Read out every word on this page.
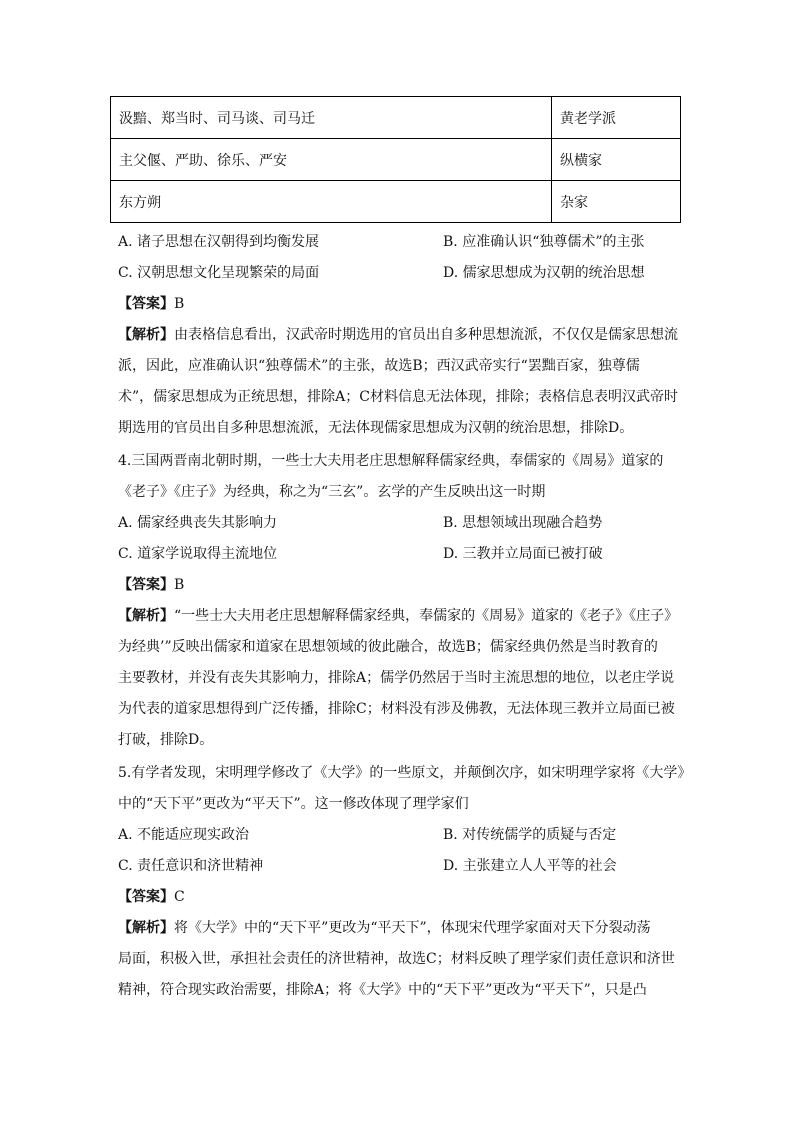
汲黯、郑当时、司马谈、司马迁	黄老学派
主父偃、严助、徐乐、严安	纵横家
东方朔	杂家
A. 诸子思想在汉朝得到均衡发展	B. 应准确认识“独尊儒术”的主张
C. 汉朝思想文化呈现繁荣的局面	D. 儒家思想成为汉朝的统治思想
【答案】B
【解析】由表格信息看出，汉武帝时期选用的官员出自多种思想流派，不仅仅是儒家思想流
派，因此，应准确认识“独尊儒术”的主张，故选B；西汉武帝实行“罢黜百家，独尊儒
术”，儒家思想成为正统思想，排除A；C材料信息无法体现，排除；表格信息表明汉武帝时
期选用的官员出自多种思想流派，无法体现儒家思想成为汉朝的统治思想，排除D。
4.三国两晋南北朝时期，一些士大夫用老庄思想解释儒家经典，奉儒家的《周易》道家的
《老子》《庄子》为经典，称之为“三玄”。玄学的产生反映出这一时期
A. 儒家经典丧失其影响力	B. 思想领域出现融合趋势
C. 道家学说取得主流地位	D. 三教并立局面已被打破
【答案】B
【解析】“一些士大夫用老庄思想解释儒家经典，奉儒家的《周易》道家的《老子》《庄子》
为经典’”反映出儒家和道家在思想领域的彼此融合，故选B；儒家经典仍然是当时教育的
主要教材，并没有丧失其影响力，排除A；儒学仍然居于当时主流思想的地位，以老庄学说
为代表的道家思想得到广泛传播，排除C；材料没有涉及佛教，无法体现三教并立局面已被
打破，排除D。
5.有学者发现，宋明理学修改了《大学》的一些原文，并颠倒次序，如宋明理学家将《大学》
中的“天下平”更改为“平天下”。这一修改体现了理学家们
A. 不能适应现实政治	B. 对传统儒学的质疑与否定
C. 责任意识和济世精神	D. 主张建立人人平等的社会
【答案】C
【解析】将《大学》中的“天下平”更改为“平天下”，体现宋代理学家面对天下分裂动荡
局面，积极入世，承担社会责任的济世精神，故选C；材料反映了理学家们责任意识和济世
精神，符合现实政治需要，排除A；将《大学》中的“天下平”更改为“平天下”，只是凸
